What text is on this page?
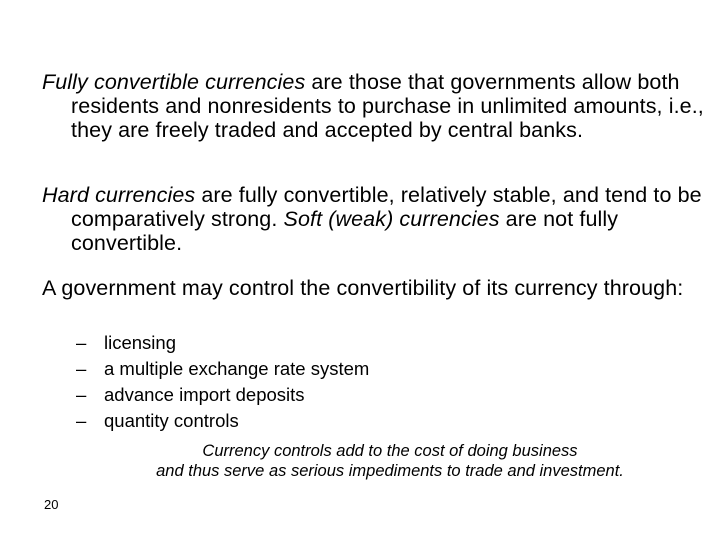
Fully convertible currencies are those that governments allow both residents and nonresidents to purchase in unlimited amounts, i.e., they are freely traded and accepted by central banks.
Hard currencies are fully convertible, relatively stable, and tend to be comparatively strong. Soft (weak) currencies are not fully convertible.
A government may control the convertibility of its currency through:
– licensing
– a multiple exchange rate system
– advance import deposits
– quantity controls
Currency controls add to the cost of doing business
and thus serve as serious impediments to trade and investment.
20
